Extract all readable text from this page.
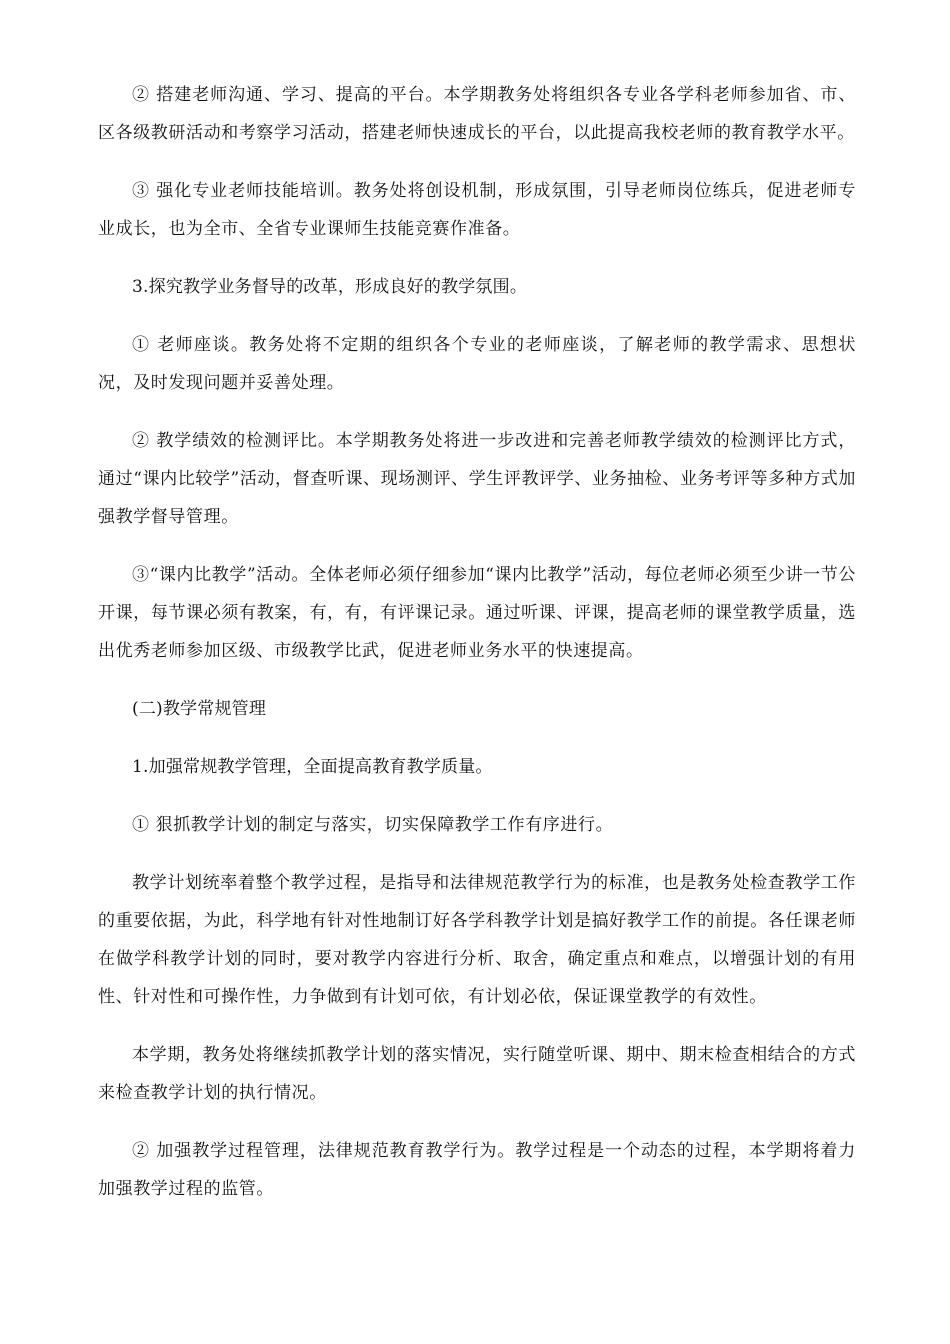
② 搭建老师沟通、学习、提高的平台。本学期教务处将组织各专业各学科老师参加省、市、区各级教研活动和考察学习活动，搭建老师快速成长的平台，以此提高我校老师的教育教学水平。

③ 强化专业老师技能培训。教务处将创设机制，形成氛围，引导老师岗位练兵，促进老师专业成长，也为全市、全省专业课师生技能竞赛作准备。

3.探究教学业务督导的改革，形成良好的教学氛围。

① 老师座谈。教务处将不定期的组织各个专业的老师座谈，了解老师的教学需求、思想状况，及时发现问题并妥善处理。

② 教学绩效的检测评比。本学期教务处将进一步改进和完善老师教学绩效的检测评比方式，通过“课内比较学”活动，督查听课、现场测评、学生评教评学、业务抽检、业务考评等多种方式加强教学督导管理。

③“课内比教学”活动。全体老师必须仔细参加“课内比教学”活动，每位老师必须至少讲一节公开课，每节课必须有教案，有，有，有评课记录。通过听课、评课，提高老师的课堂教学质量，选出优秀老师参加区级、市级教学比武，促进老师业务水平的快速提高。

(二)教学常规管理

1.加强常规教学管理，全面提高教育教学质量。

① 狠抓教学计划的制定与落实，切实保障教学工作有序进行。

教学计划统率着整个教学过程，是指导和法律规范教学行为的标准，也是教务处检查教学工作的重要依据，为此，科学地有针对性地制订好各学科教学计划是搞好教学工作的前提。各任课老师在做学科教学计划的同时，要对教学内容进行分析、取舍，确定重点和难点，以增强计划的有用性、针对性和可操作性，力争做到有计划可依，有计划必依，保证课堂教学的有效性。

本学期，教务处将继续抓教学计划的落实情况，实行随堂听课、期中、期末检查相结合的方式来检查教学计划的执行情况。

② 加强教学过程管理，法律规范教育教学行为。教学过程是一个动态的过程，本学期将着力加强教学过程的监管。
